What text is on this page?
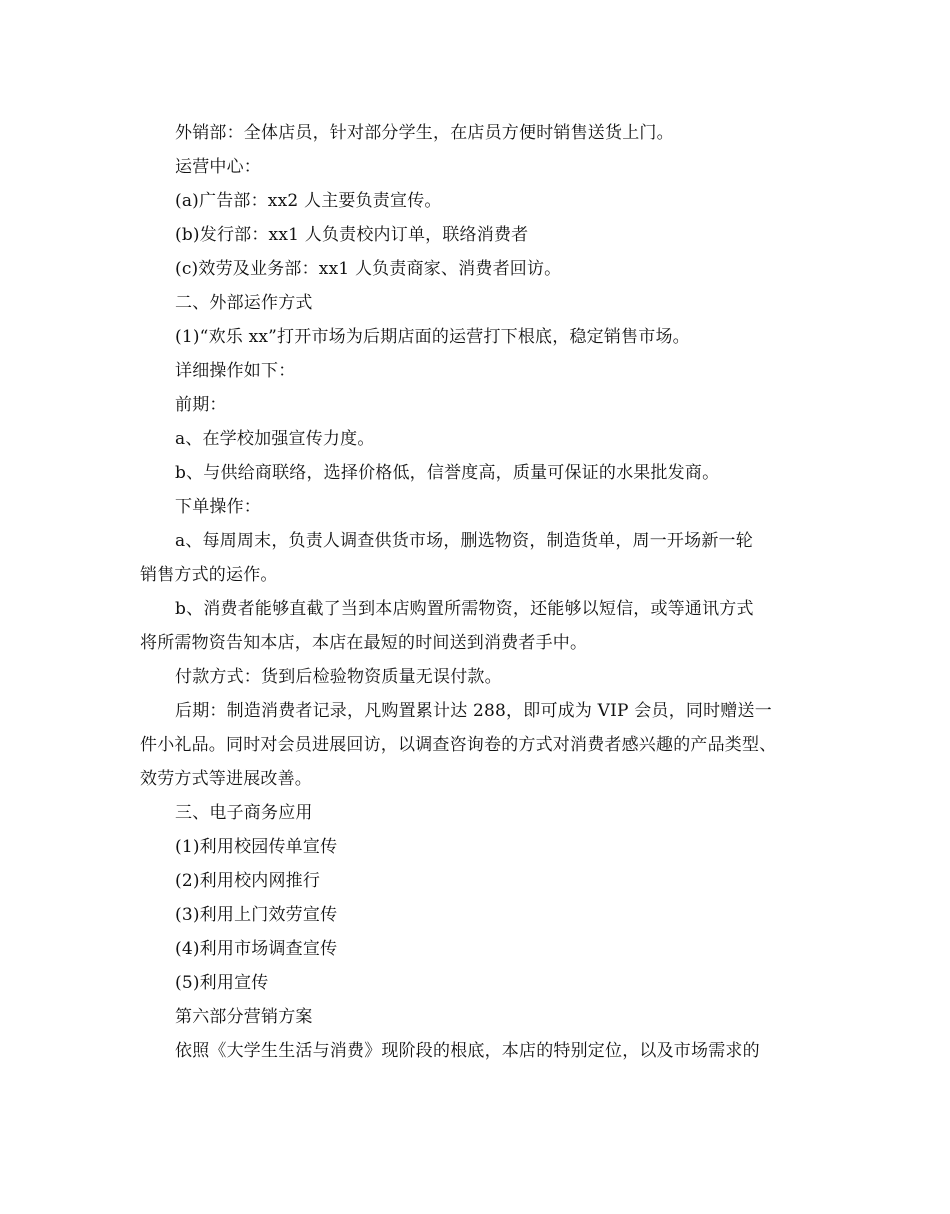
外销部：全体店员，针对部分学生，在店员方便时销售送货上门。
运营中心：
(a)广告部：xx2 人主要负责宣传。
(b)发行部：xx1 人负责校内订单，联络消费者
(c)效劳及业务部：xx1 人负责商家、消费者回访。
二、外部运作方式
(1)“欢乐 xx”打开市场为后期店面的运营打下根底，稳定销售市场。
详细操作如下：
前期：
a、在学校加强宣传力度。
b、与供给商联络，选择价格低，信誉度高，质量可保证的水果批发商。
下单操作：
a、每周周末，负责人调查供货市场，删选物资，制造货单，周一开场新一轮
销售方式的运作。
b、消费者能够直截了当到本店购置所需物资，还能够以短信，或等通讯方式
将所需物资告知本店，本店在最短的时间送到消费者手中。
付款方式：货到后检验物资质量无误付款。
后期：制造消费者记录，凡购置累计达 288，即可成为 VIP 会员，同时赠送一
件小礼品。同时对会员进展回访，以调查咨询卷的方式对消费者感兴趣的产品类型、
效劳方式等进展改善。
三、电子商务应用
(1)利用校园传单宣传
(2)利用校内网推行
(3)利用上门效劳宣传
(4)利用市场调查宣传
(5)利用宣传
第六部分营销方案
依照《大学生生活与消费》现阶段的根底，本店的特别定位，以及市场需求的
